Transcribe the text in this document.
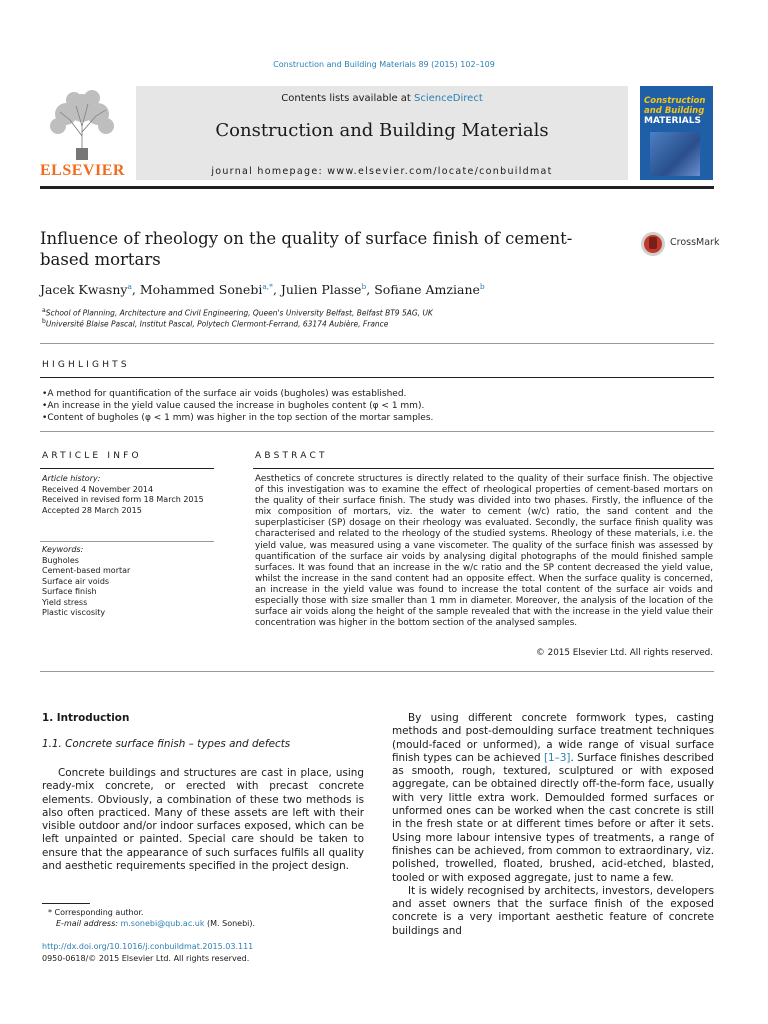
Construction and Building Materials 89 (2015) 102–109
ELSEVIER
Contents lists available at ScienceDirect
Construction and Building Materials
journal homepage: www.elsevier.com/locate/conbuildmat
Construction
and Building
MATERIALS
Influence of rheology on the quality of surface finish of cement-based mortars
CrossMark
Jacek Kwasny$^a$, Mohammed Sonebi$^{a,*}$, Julien Plasse$^b$, Sofiane Amziane$^b$
$^a$School of Planning, Architecture and Civil Engineering, Queen's University Belfast, Belfast BT9 5AG, UK
$^b$Université Blaise Pascal, Institut Pascal, Polytech Clermont-Ferrand, 63174 Aubière, France
HIGHLIGHTS
• A method for quantification of the surface air voids (bugholes) was established.
• An increase in the yield value caused the increase in bugholes content (φ < 1 mm).
• Content of bugholes (φ < 1 mm) was higher in the top section of the mortar samples.
ARTICLE INFO
Article history:
Received 4 November 2014
Received in revised form 18 March 2015
Accepted 28 March 2015
Keywords:
Bugholes
Cement-based mortar
Surface air voids
Surface finish
Yield stress
Plastic viscosity
ABSTRACT
Aesthetics of concrete structures is directly related to the quality of their surface finish. The objective of this investigation was to examine the effect of rheological properties of cement-based mortars on the quality of their surface finish. The study was divided into two phases. Firstly, the influence of the mix composition of mortars, viz. the water to cement (w/c) ratio, the sand content and the superplasticiser (SP) dosage on their rheology was evaluated. Secondly, the surface finish quality was characterised and related to the rheology of the studied systems. Rheology of these materials, i.e. the yield value, was measured using a vane viscometer. The quality of the surface finish was assessed by quantification of the surface air voids by analysing digital photographs of the mould finished sample surfaces. It was found that an increase in the w/c ratio and the SP content decreased the yield value, whilst the increase in the sand content had an opposite effect. When the surface quality is concerned, an increase in the yield value was found to increase the total content of the surface air voids and especially those with size smaller than 1 mm in diameter. Moreover, the analysis of the location of the surface air voids along the height of the sample revealed that with the increase in the yield value their concentration was higher in the bottom section of the analysed samples.
© 2015 Elsevier Ltd. All rights reserved.
1. Introduction
1.1. Concrete surface finish – types and defects

Concrete buildings and structures are cast in place, using ready-mix concrete, or erected with precast concrete elements. Obviously, a combination of these two methods is also often practiced. Many of these assets are left with their visible outdoor and/or indoor surfaces exposed, which can be left unpainted or painted. Special care should be taken to ensure that the appearance of such surfaces fulfils all quality and aesthetic requirements specified in the project design.

By using different concrete formwork types, casting methods and post-demoulding surface treatment techniques (mould-faced or unformed), a wide range of visual surface finish types can be achieved [1–3]. Surface finishes described as smooth, rough, textured, sculptured or with exposed aggregate, can be obtained directly off-the-form face, usually with very little extra work. Demoulded formed surfaces or unformed ones can be worked when the cast concrete is still in the fresh state or at different times before or after it sets. Using more labour intensive types of treatments, a range of finishes can be achieved, from common to extraordinary, viz. polished, trowelled, floated, brushed, acid-etched, blasted, tooled or with exposed aggregate, just to name a few.

It is widely recognised by architects, investors, developers and asset owners that the surface finish of the exposed concrete is a very important aesthetic feature of concrete buildings and

* Corresponding author.
E-mail address: m.sonebi@qub.ac.uk (M. Sonebi).
http://dx.doi.org/10.1016/j.conbuildmat.2015.03.111
0950-0618/© 2015 Elsevier Ltd. All rights reserved.
